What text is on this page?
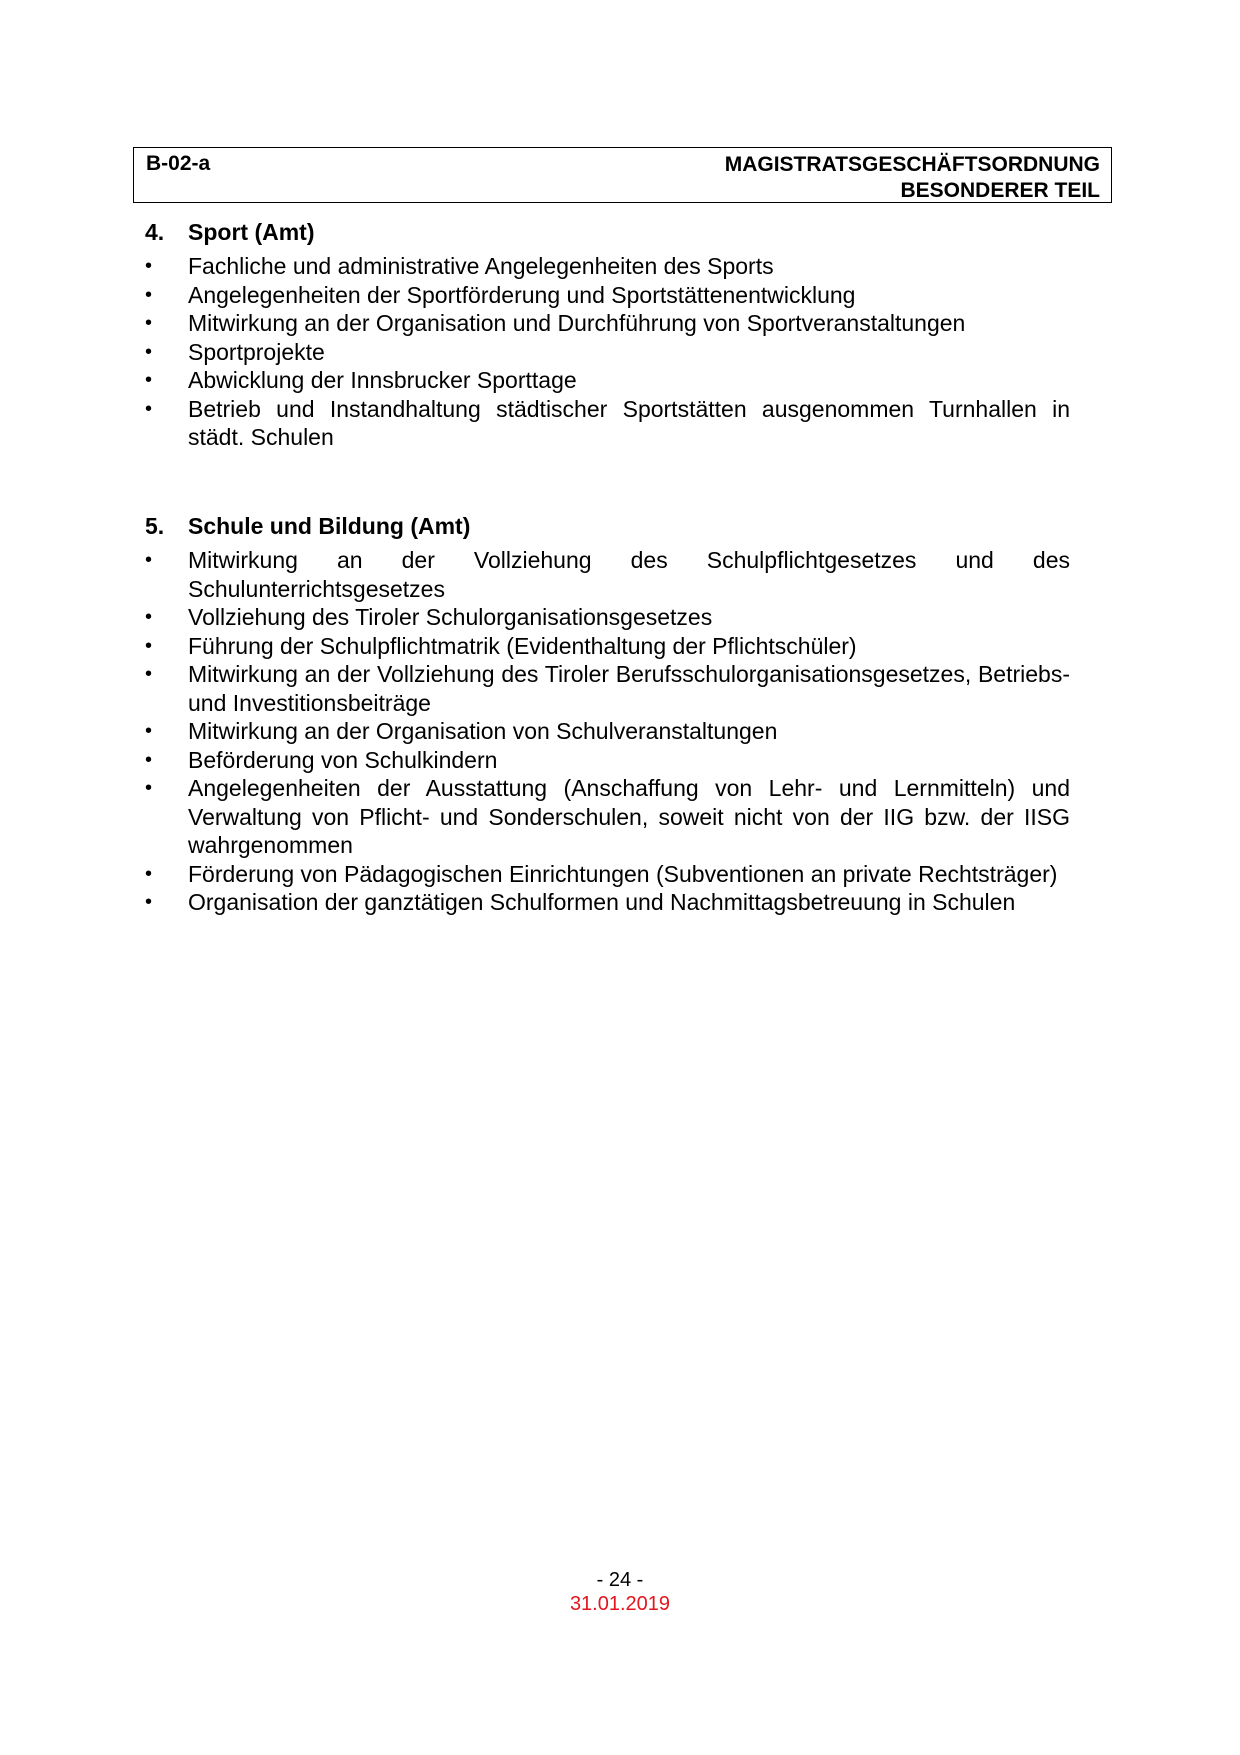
B-02-a	MAGISTRATSGESCHÄFTSORDNUNG
BESONDERER TEIL
4.	Sport (Amt)
•	Fachliche und administrative Angelegenheiten des Sports
•	Angelegenheiten der Sportförderung und Sportstättenentwicklung
•	Mitwirkung an der Organisation und Durchführung von Sportveranstaltungen
•	Sportprojekte
•	Abwicklung der Innsbrucker Sporttage
•	Betrieb und Instandhaltung städtischer Sportstätten ausgenommen Turnhallen in städt. Schulen
5.	Schule und Bildung (Amt)
•	Mitwirkung an der Vollziehung des Schulpflichtgesetzes und des Schulunterrichtsgesetzes
•	Vollziehung des Tiroler Schulorganisationsgesetzes
•	Führung der Schulpflichtmatrik (Evidenthaltung der Pflichtschüler)
•	Mitwirkung an der Vollziehung des Tiroler Berufsschulorganisationsgesetzes, Betriebs- und Investitionsbeiträge
•	Mitwirkung an der Organisation von Schulveranstaltungen
•	Beförderung von Schulkindern
•	Angelegenheiten der Ausstattung (Anschaffung von Lehr- und Lernmitteln) und Verwaltung von Pflicht- und Sonderschulen, soweit nicht von der IIG bzw. der IISG wahrgenommen
•	Förderung von Pädagogischen Einrichtungen (Subventionen an private Rechtsträger)
•	Organisation der ganztätigen Schulformen und Nachmittagsbetreuung in Schulen
- 24 -
31.01.2019
